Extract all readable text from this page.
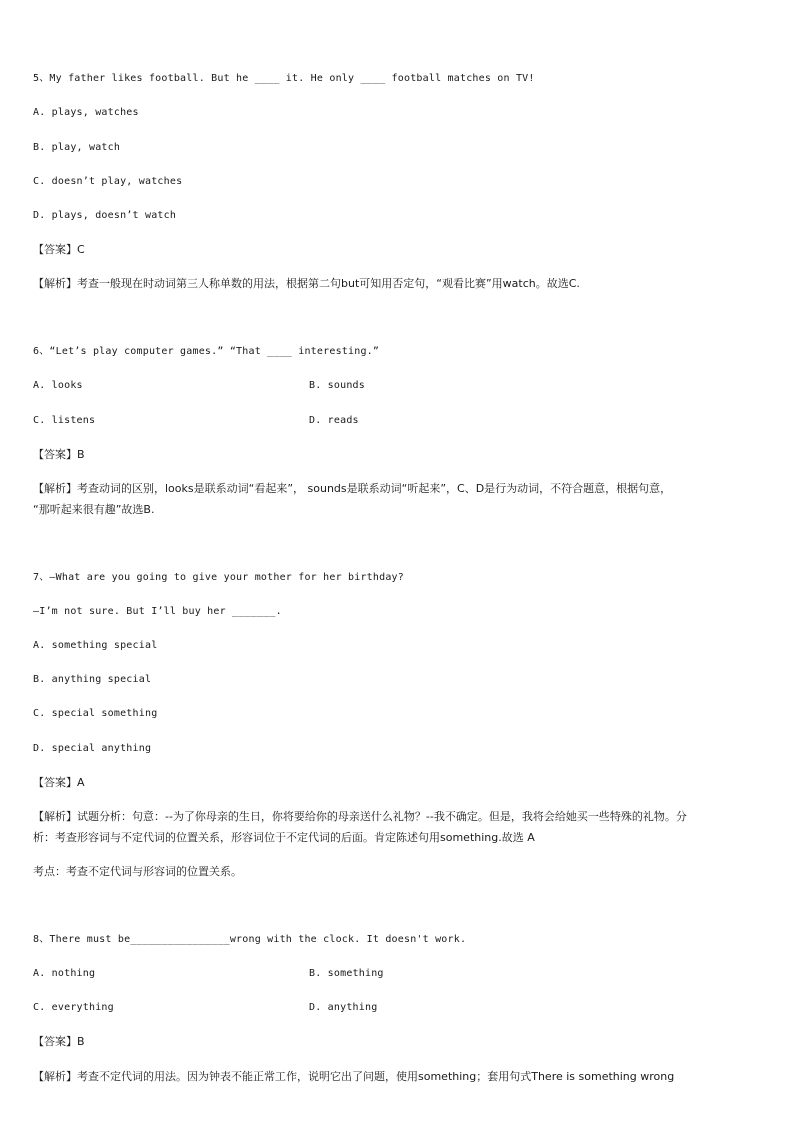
5、My father likes football. But he ____ it. He only ____ football matches on TV!
A. plays, watches
B. play, watch
C. doesn’t play, watches
D. plays, doesn’t watch
【答案】C
【解析】考查一般现在时动词第三人称单数的用法，根据第二句but可知用否定句，“观看比赛”用watch。故选C.
6、“Let’s play computer games.” “That ____ interesting.”
A. looks	B. sounds
C. listens	D. reads
【答案】B
【解析】考查动词的区别，looks是联系动词“看起来”， sounds是联系动词“听起来”，C、D是行为动词，不符合题意，根据句意，
“那听起来很有趣”故选B.
7、—What are you going to give your mother for her birthday?
—I’m not sure. But I’ll buy her _______.
A. something special
B. anything special
C. special something
D. special anything
【答案】A
【解析】试题分析：句意：--为了你母亲的生日，你将要给你的母亲送什么礼物？--我不确定。但是，我将会给她买一些特殊的礼物。分
析：考查形容词与不定代词的位置关系，形容词位于不定代词的后面。肯定陈述句用something.故选 A
考点：考查不定代词与形容词的位置关系。
8、There must be________________wrong with the clock. It doesn't work.
A. nothing	B. something
C. everything	D. anything
【答案】B
【解析】考查不定代词的用法。因为钟表不能正常工作，说明它出了问题，使用something；套用句式There is something wrong
